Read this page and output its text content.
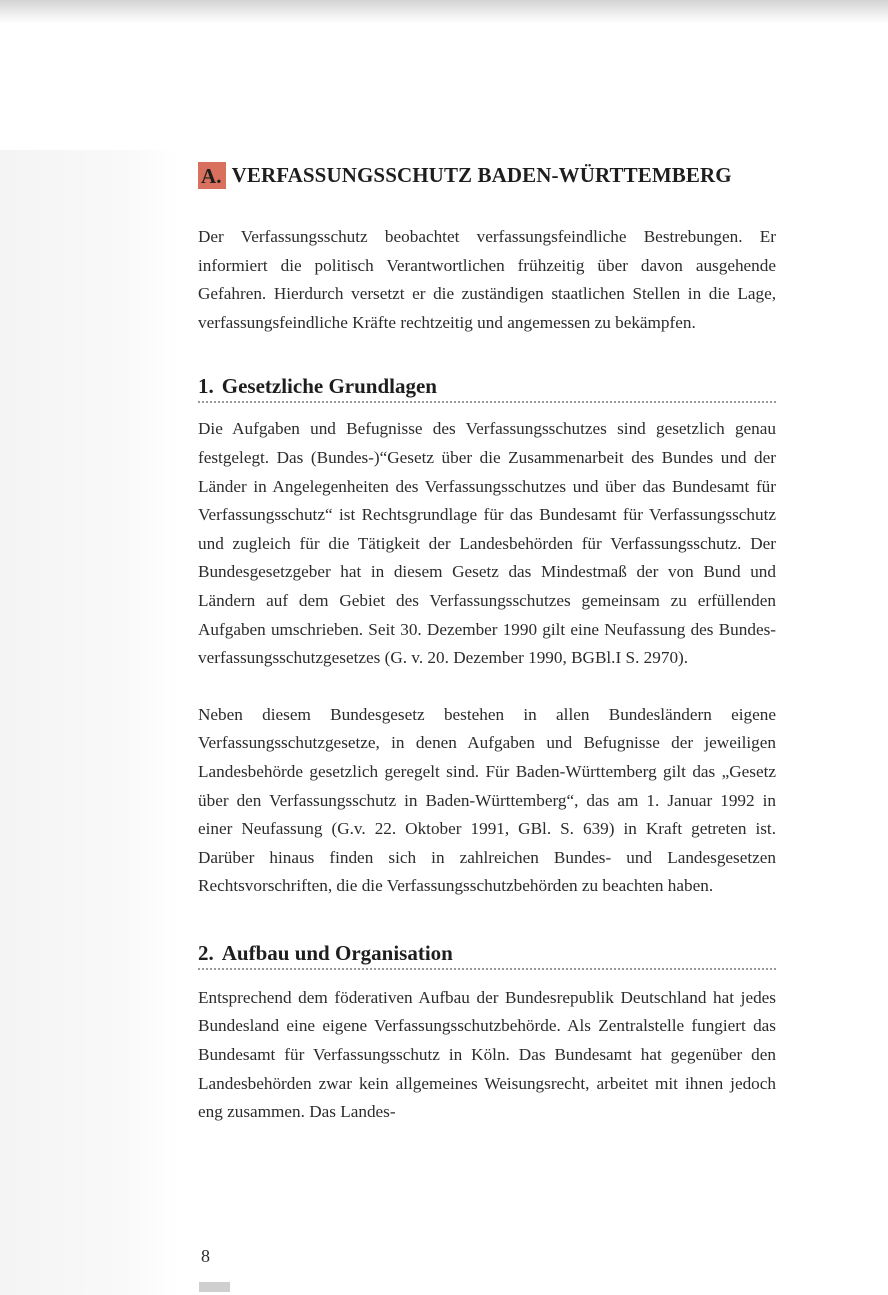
A. VERFASSUNGSSCHUTZ BADEN-WÜRTTEMBERG

Der Verfassungsschutz beobachtet verfassungsfeindliche Bestrebungen. Er informiert die politisch Verantwortlichen frühzeitig über davon ausgehende Gefahren. Hierdurch versetzt er die zuständigen staatlichen Stellen in die Lage, verfassungsfeindliche Kräfte rechtzeitig und angemessen zu bekämpfen.

1. Gesetzliche Grundlagen

Die Aufgaben und Befugnisse des Verfassungsschutzes sind gesetzlich genau festgelegt. Das (Bundes-)“Gesetz über die Zusammenarbeit des Bundes und der Länder in Angelegenheiten des Verfassungsschutzes und über das Bundesamt für Verfassungsschutz“ ist Rechtsgrundlage für das Bundesamt für Verfassungsschutz und zugleich für die Tätigkeit der Landesbehörden für Verfassungsschutz. Der Bundesgesetzgeber hat in diesem Gesetz das Mindestmaß der von Bund und Ländern auf dem Gebiet des Verfassungsschutzes gemeinsam zu erfüllenden Aufgaben umschrieben. Seit 30. Dezember 1990 gilt eine Neufassung des Bundesverfassungsschutzgesetzes (G. v. 20. Dezember 1990, BGBl.I S. 2970).

Neben diesem Bundesgesetz bestehen in allen Bundesländern eigene Verfassungsschutzgesetze, in denen Aufgaben und Befugnisse der jeweiligen Landesbehörde gesetzlich geregelt sind. Für Baden-Württemberg gilt das „Gesetz über den Verfassungsschutz in Baden-Württemberg“, das am 1. Januar 1992 in einer Neufassung (G.v. 22. Oktober 1991, GBl. S. 639) in Kraft getreten ist. Darüber hinaus finden sich in zahlreichen Bundes- und Landesgesetzen Rechtsvorschriften, die die Verfassungsschutzbehörden zu beachten haben.

2. Aufbau und Organisation

Entsprechend dem föderativen Aufbau der Bundesrepublik Deutschland hat jedes Bundesland eine eigene Verfassungsschutzbehörde. Als Zentralstelle fungiert das Bundesamt für Verfassungsschutz in Köln. Das Bundesamt hat gegenüber den Landesbehörden zwar kein allgemeines Weisungsrecht, arbeitet mit ihnen jedoch eng zusammen. Das Landes-

8
